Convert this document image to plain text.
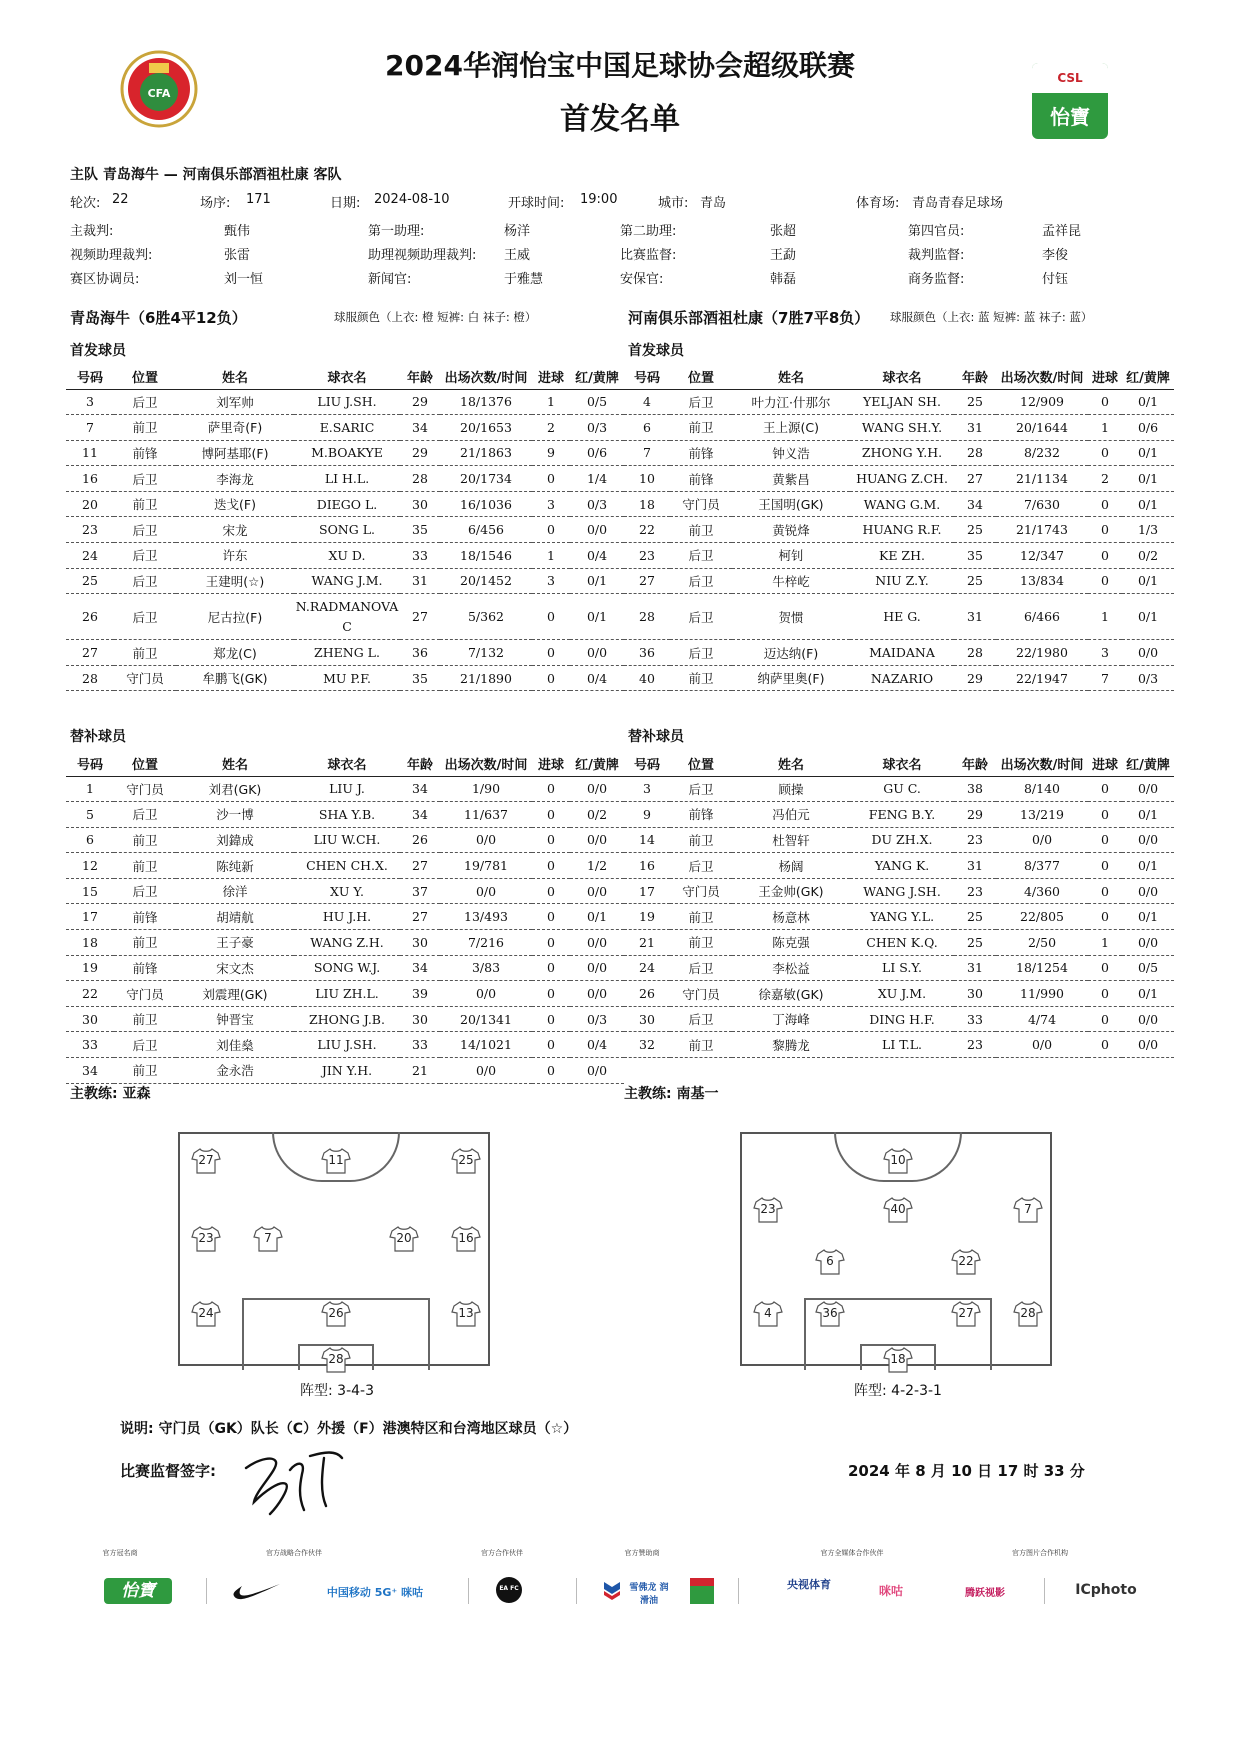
CFA
2024华润怡宝中国足球协会超级联赛
首发名单
CSL
怡寶
主队 青岛海牛 — 河南俱乐部酒祖杜康 客队
轮次: 22	场序: 171	日期: 2024-08-10	开球时间: 19:00	城市: 青岛	体育场: 青岛青春足球场
主裁判:	甄伟	第一助理:	杨洋	第二助理:	张超	第四官员:	孟祥昆
视频助理裁判:	张雷	助理视频助理裁判: 王威	比赛监督:	王勐	裁判监督:	李俊
赛区协调员:	刘一恒	新闻官:	于雅慧	安保官:	韩磊	商务监督:	付钰
青岛海牛（6胜4平12负）	球服颜色（上衣: 橙 短裤: 白 袜子: 橙）	河南俱乐部酒祖杜康（7胜7平8负） 球服颜色（上衣: 蓝 短裤: 蓝 袜子: 蓝）
首发球员	首发球员
号码	位置	姓名	球衣名	年龄	出场次数/时间	进球	红/黄牌
3	后卫	刘军帅	LIU J.SH.	29	18/1376	1	0/5
7	前卫	萨里奇(F)	E.SARIC	34	20/1653	2	0/3
11	前锋	博阿基耶(F)	M.BOAKYE	29	21/1863	9	0/6
16	后卫	李海龙	LI H.L.	28	20/1734	0	1/4
20	前卫	迭戈(F)	DIEGO L.	30	16/1036	3	0/3
23	后卫	宋龙	SONG L.	35	6/456	0	0/0
24	后卫	许东	XU D.	33	18/1546	1	0/4
25	后卫	王建明(☆)	WANG J.M.	31	20/1452	3	0/1
26	后卫	尼古拉(F)	N.RADMANOVAC	27	5/362	0	0/1
27	前卫	郑龙(C)	ZHENG L.	36	7/132	0	0/0
28	守门员	牟鹏飞(GK)	MU P.F.	35	21/1890	0	0/4
号码	位置	姓名	球衣名	年龄	出场次数/时间	进球	红/黄牌
4	后卫	叶力江·什那尔	YELJAN SH.	25	12/909	0	0/1
6	前卫	王上源(C)	WANG SH.Y.	31	20/1644	1	0/6
7	前锋	钟义浩	ZHONG Y.H.	28	8/232	0	0/1
10	前锋	黄紫昌	HUANG Z.CH.	27	21/1134	2	0/1
18	守门员	王国明(GK)	WANG G.M.	34	7/630	0	0/1
22	前卫	黄锐烽	HUANG R.F.	25	21/1743	0	1/3
23	后卫	柯钊	KE ZH.	35	12/347	0	0/2
27	后卫	牛梓屹	NIU Z.Y.	25	13/834	0	0/1
28	后卫	贺惯	HE G.	31	6/466	1	0/1
36	后卫	迈达纳(F)	MAIDANA	28	22/1980	3	0/0
40	前卫	纳萨里奥(F)	NAZARIO	29	22/1947	7	0/3
替补球员	替补球员
号码	位置	姓名	球衣名	年龄	出场次数/时间	进球	红/黄牌
1	守门员	刘君(GK)	LIU J.	34	1/90	0	0/0
5	后卫	沙一博	SHA Y.B.	34	11/637	0	0/2
6	前卫	刘鍏成	LIU W.CH.	26	0/0	0	0/0
12	前卫	陈纯新	CHEN CH.X.	27	19/781	0	1/2
15	后卫	徐洋	XU Y.	37	0/0	0	0/0
17	前锋	胡靖航	HU J.H.	27	13/493	0	0/1
18	前卫	王子豪	WANG Z.H.	30	7/216	0	0/0
19	前锋	宋文杰	SONG W.J.	34	3/83	0	0/0
22	守门员	刘震理(GK)	LIU ZH.L.	39	0/0	0	0/0
30	前卫	钟晋宝	ZHONG J.B.	30	20/1341	0	0/3
33	后卫	刘佳燊	LIU J.SH.	33	14/1021	0	0/4
34	前卫	金永浩	JIN Y.H.	21	0/0	0	0/0
号码	位置	姓名	球衣名	年龄	出场次数/时间	进球	红/黄牌
3	后卫	顾操	GU C.	38	8/140	0	0/0
9	前锋	冯伯元	FENG B.Y.	29	13/219	0	0/1
14	前卫	杜智轩	DU ZH.X.	23	0/0	0	0/0
16	后卫	杨阔	YANG K.	31	8/377	0	0/1
17	守门员	王金帅(GK)	WANG J.SH.	23	4/360	0	0/0
19	前卫	杨意林	YANG Y.L.	25	22/805	0	0/1
21	前卫	陈克强	CHEN K.Q.	25	2/50	1	0/0
24	后卫	李松益	LI S.Y.	31	18/1254	0	0/5
26	守门员	徐嘉敏(GK)	XU J.M.	30	11/990	0	0/1
30	后卫	丁海峰	DING H.F.	33	4/74	0	0/0
32	前卫	黎腾龙	LI T.L.	23	0/0	0	0/0
主教练: 亚森	主教练: 南基一
11
27	25
23	7	20	16
24	26	13
28
10
23	40	7
6	22
4	36	27	28
18
阵型: 3-4-3	阵型: 4-2-3-1
说明: 守门员（GK）队长（C）外援（F）港澳特区和台湾地区球员（☆）
比赛监督签字:	2024 年 8 月 10 日 17 时 33 分
官方冠名商	官方战略合作伙伴	官方合作伙伴	官方赞助商	官方全媒体合作伙伴	官方图片合作机构
怡寶	中国移动 5G⁺ 咪咕	EA FC	雪佛龙 润滑油
央视体育	咪咕	腾跃视影	ICphoto
